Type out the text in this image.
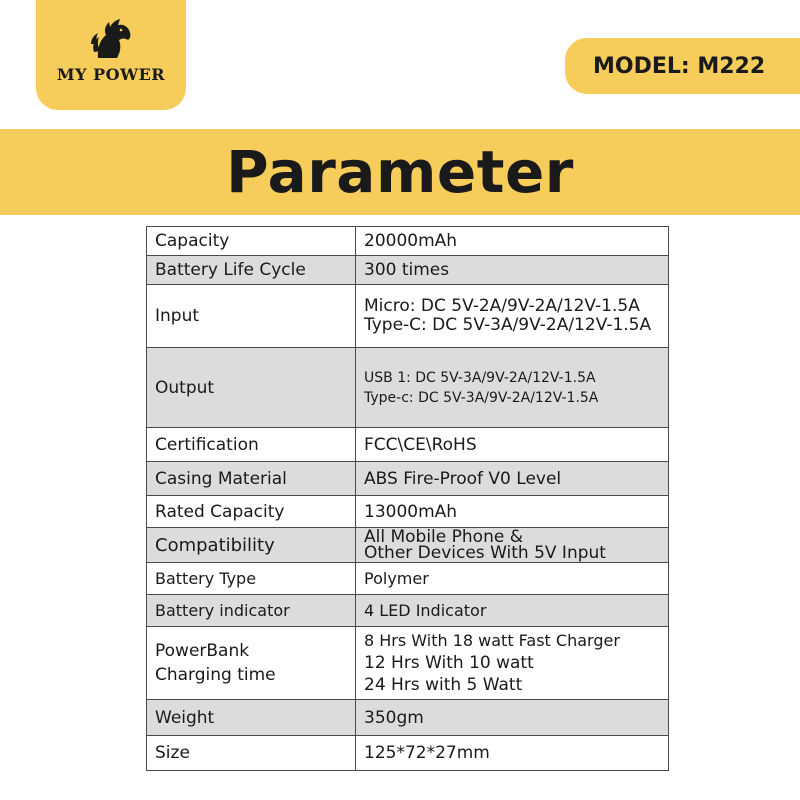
MY POWER	MODEL: M222
Parameter
Capacity	20000mAh
Battery Life Cycle	300 times
Input	Micro: DC 5V-2A/9V-2A/12V-1.5A
Type-C: DC 5V-3A/9V-2A/12V-1.5A

Output	USB 1: DC 5V-3A/9V-2A/12V-1.5A
Type-c: DC 5V-3A/9V-2A/12V-1.5A

Certification	FCC\CE\RoHS
Casing Material	ABS Fire-Proof V0 Level
Rated Capacity	13000mAh
Compatibility	All Mobile Phone &
Other Devices With 5V Input

Battery Type	Polymer
Battery indicator	4 LED Indicator

PowerBank
Charging time	8 Hrs With 18 watt Fast Charger
12 Hrs With 10 watt
24 Hrs with 5 Watt

Weight	350gm
Size	125*72*27mm
